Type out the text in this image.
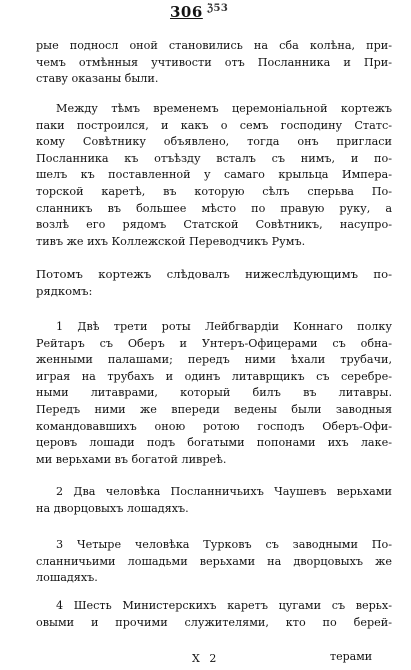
306 $^{ℨ53}$
рые подносл оной становились на сба колѣна, при-
чемъ отмѣнныя учтивости отъ Посланника и При-
ставу оказаны были.
Между тѣмъ временемъ церемоніальной кортежъ
паки построился, и какъ о семъ господину Статс-
кому Совѣтнику объявлено, тогда онъ пригласи
Посланника къ отъѣзду всталъ съ нимъ, и по-
шелъ къ поставленной у самаго крыльца Импера-
торской каретѣ, въ которую сѣлъ сперьва По-
сланникъ въ большее мѣсто по правую руку, а
возлѣ его рядомъ Статской Совѣтникъ, насупро-
тивъ же ихъ Коллежской Переводчикъ Румъ.
Потомъ кортежъ слѣдовалъ нижеслѣдующимъ по-
рядкомъ:
1 Двѣ трети роты Лейбгвардіи Коннаго полку
Рейтаръ съ Оберъ и Унтеръ-Офицерами съ обна-
женными палашами; передъ ними ѣхали трубачи,
играя на трубахъ и одинъ литаврщикъ съ серебре-
ными литаврами, который билъ въ литавры.
Передъ ними же впереди ведены были заводныя
командовавшихъ оною ротою господъ Оберъ-Офи-
церовъ лошади подъ богатыми попонами ихъ лаке-
ми верьхами въ богатой ливреѣ.
2 Два человѣка Посланничьихъ Чаушевъ верьхами
на дворцовыхъ лошадяхъ.
3 Четыре человѣка Турковъ съ заводными По-
сланничьими лошадьми верьхами на дворцовыхъ же
лошадяхъ.
4 Шесть Министерскихъ каретъ цугами съ верьх-
овыми и прочими служителями, кто по берей-
Х 2	терами
